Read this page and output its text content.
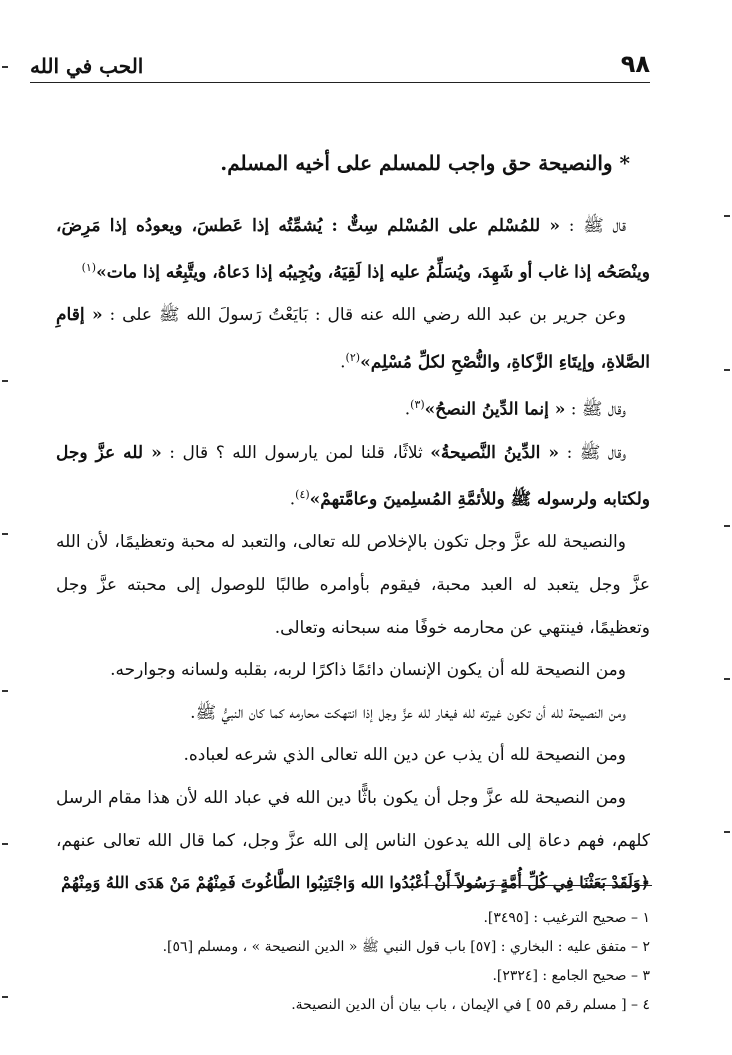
٩٨
الحب في الله

* والنصيحة حق واجب للمسلم على أخيه المسلم.

قال ﷺ : « للمُسْلم على المُسْلم سِتٌّ : يُشمِّتُه إذا عَطسَ، ويعودُه إذا مَرِضَ، وينْصَحُه إذا غاب أو شَهِدَ، ويُسَلِّمُ عليه إذا لَقِيَهُ، ويُجِيبُه إذا دَعاهُ، ويتَّبِعُه إذا مات»$^{(١)}$

وعن جرير بن عبد الله رضي الله عنه قال : بَايَعْتُ رَسولَ الله ﷺ على : « إقامِ الصَّلاةِ، وإيتَاءِ الزَّكاةِ، والنُّصْحِ لكلِّ مُسْلِم»$^{(٢)}$.

وقال ﷺ : « إنما الدِّينُ النصحُ»$^{(٣)}$.

وقال ﷺ : « الدِّينُ النَّصيحةُ» ثلاثًا، قلنا لمن يارسول الله ؟ قال : « لله عزَّ وجل ولكتابه ولرسوله ﷺ وللأئمَّةِ المُسلِمينَ وعامَّتهمْ»$^{(٤)}$.

والنصيحة لله عزَّ وجل تكون بالإخلاص لله تعالى، والتعبد له محبة وتعظيمًا، لأن الله عزَّ وجل يتعبد له العبد محبة، فيقوم بأوامره طالبًا للوصول إلى محبته عزَّ وجل وتعظيمًا، فينتهي عن محارمه خوفًا منه سبحانه وتعالى.

ومن النصيحة لله أن يكون الإنسان دائمًا ذاكرًا لربه، بقلبه ولسانه وجوارحه.

ومن النصيحة لله أن تكون غيرته لله فيغار لله عزَّ وجل إذا انتهكت محارمه كما كان النبيُّ ﷺ.

ومن النصيحة لله أن يذب عن دين الله تعالى الذي شرعه لعباده.

ومن النصيحة لله عزَّ وجل أن يكون باثًّا دين الله في عباد الله لأن هذا مقام الرسل كلهم، فهم دعاة إلى الله يدعون الناس إلى الله عزَّ وجل، كما قال الله تعالى عنهم، ﴿وَلَقَدْ بَعَثْنَا فِي كُلِّ أُمَّةٍ رَسُولاً أَنْ اُعْبُدُوا الله وَاجْتَنِبُوا الطَّاغُوتَ فَمِنْهُمْ مَنْ هَدَى اللهُ وَمِنْهُمْ

١ – صحيح الترغيب : [٣٤٩٥].

٢ – متفق عليه : البخاري : [٥٧] باب قول النبي ﷺ « الدين النصيحة » ، ومسلم [٥٦].

٣ – صحيح الجامع : [٢٣٢٤].

٤ – [ مسلم رقم ٥٥ ] في الإيمان ، باب بيان أن الدين النصيحة.
